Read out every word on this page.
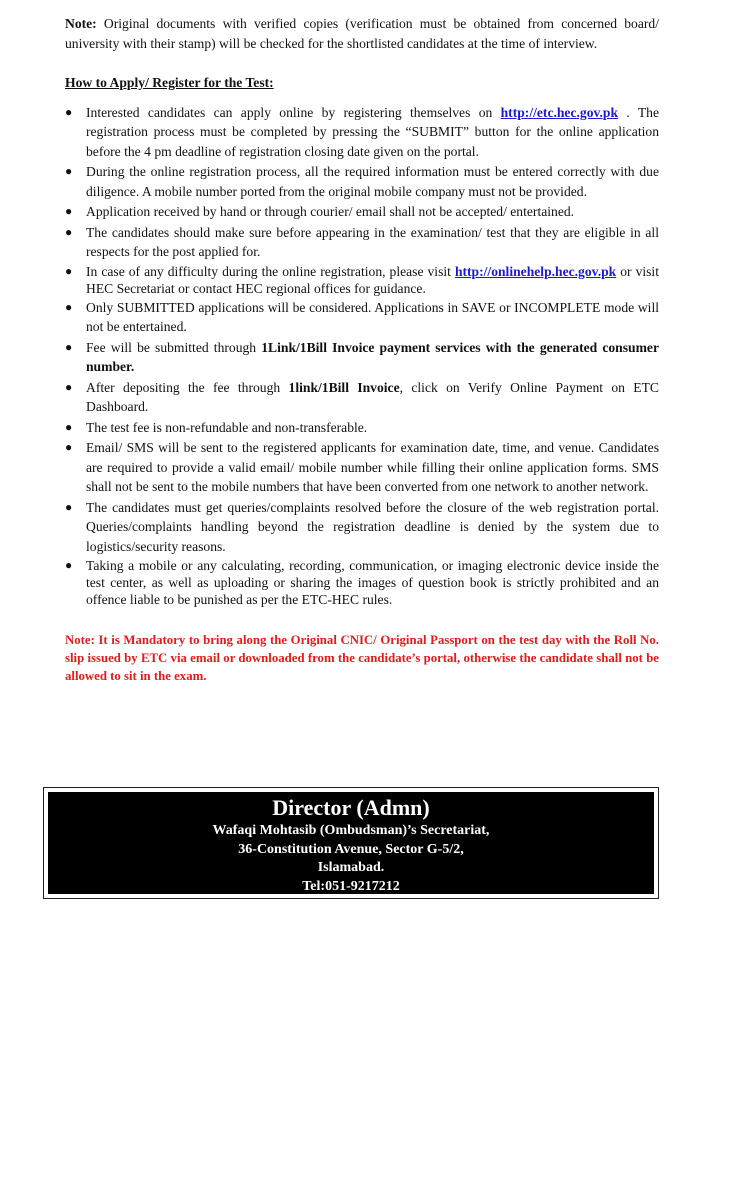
Note: Original documents with verified copies (verification must be obtained from concerned board/ university with their stamp) will be checked for the shortlisted candidates at the time of interview.

How to Apply/ Register for the Test:
● Interested candidates can apply online by registering themselves on http://etc.hec.gov.pk . The registration process must be completed by pressing the “SUBMIT” button for the online application before the 4 pm deadline of registration closing date given on the portal.
● During the online registration process, all the required information must be entered correctly with due diligence. A mobile number ported from the original mobile company must not be provided.
● Application received by hand or through courier/ email shall not be accepted/ entertained.
● The candidates should make sure before appearing in the examination/ test that they are eligible in all respects for the post applied for.
● In case of any difficulty during the online registration, please visit http://onlinehelp.hec.gov.pk or visit HEC Secretariat or contact HEC regional offices for guidance.
● Only SUBMITTED applications will be considered. Applications in SAVE or INCOMPLETE mode will not be entertained.
● Fee will be submitted through 1Link/1Bill Invoice payment services with the generated consumer number.
● After depositing the fee through 1link/1Bill Invoice, click on Verify Online Payment on ETC Dashboard.
● The test fee is non-refundable and non-transferable.
● Email/ SMS will be sent to the registered applicants for examination date, time, and venue. Candidates are required to provide a valid email/ mobile number while filling their online application forms. SMS shall not be sent to the mobile numbers that have been converted from one network to another network.
● The candidates must get queries/complaints resolved before the closure of the web registration portal. Queries/complaints handling beyond the registration deadline is denied by the system due to logistics/security reasons.
● Taking a mobile or any calculating, recording, communication, or imaging electronic device inside the test center, as well as uploading or sharing the images of question book is strictly prohibited and an offence liable to be punished as per the ETC-HEC rules.
Note: It is Mandatory to bring along the Original CNIC/ Original Passport on the test day with the Roll No. slip issued by ETC via email or downloaded from the candidate’s portal, otherwise the candidate shall not be allowed to sit in the exam.
Director (Admn)
Wafaqi Mohtasib (Ombudsman)’s Secretariat,
36-Constitution Avenue, Sector G-5/2,
Islamabad.
Tel:051-9217212
